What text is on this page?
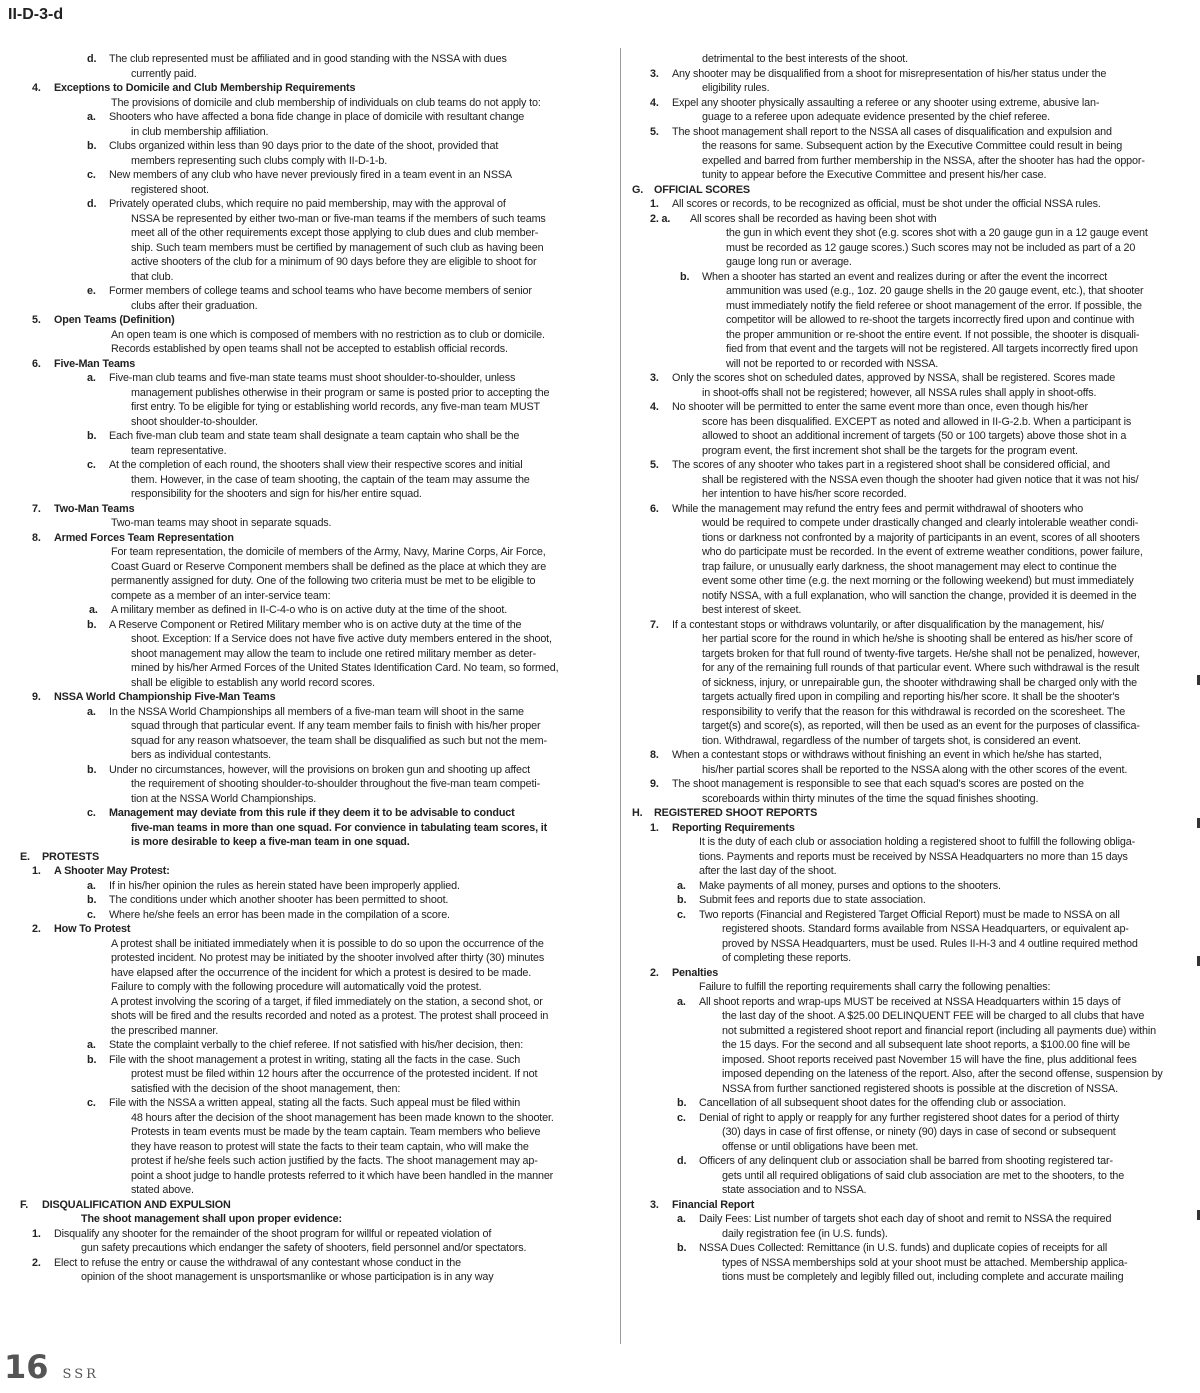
II-D-3-d
d.	The club represented must be affiliated and in good standing with the NSSA with dues
currently paid.
4.	Exceptions to Domicile and Club Membership Requirements
The provisions of domicile and club membership of individuals on club teams do not apply to:
a.	Shooters who have affected a bona fide change in place of domicile with resultant change
in club membership affiliation.
b.	Clubs organized within less than 90 days prior to the date of the shoot, provided that
members representing such clubs comply with II-D-1-b.
c.	New members of any club who have never previously fired in a team event in an NSSA
registered shoot.
d.	Privately operated clubs, which require no paid membership, may with the approval of
NSSA be represented by either two-man or five-man teams if the members of such teams
meet all of the other requirements except those applying to club dues and club member-
ship. Such team members must be certified by management of such club as having been
active shooters of the club for a minimum of 90 days before they are eligible to shoot for
that club.
e.	Former members of college teams and school teams who have become members of senior
clubs after their graduation.
5.	Open Teams (Definition)
An open team is one which is composed of members with no restriction as to club or domicile.
Records established by open teams shall not be accepted to establish official records.
6.	Five-Man Teams
a.	Five-man club teams and five-man state teams must shoot shoulder-to-shoulder, unless
management publishes otherwise in their program or same is posted prior to accepting the
first entry. To be eligible for tying or establishing world records, any five-man team MUST
shoot shoulder-to-shoulder.
b.	Each five-man club team and state team shall designate a team captain who shall be the
team representative.
c.	At the completion of each round, the shooters shall view their respective scores and initial
them. However, in the case of team shooting, the captain of the team may assume the
responsibility for the shooters and sign for his/her entire squad.
7.	Two-Man Teams
Two-man teams may shoot in separate squads.
8.	Armed Forces Team Representation
For team representation, the domicile of members of the Army, Navy, Marine Corps, Air Force,
Coast Guard or Reserve Component members shall be defined as the place at which they are
permanently assigned for duty. One of the following two criteria must be met to be eligible to
compete as a member of an inter-service team:
a.	A military member as defined in II-C-4-o who is on active duty at the time of the shoot.
b.	A Reserve Component or Retired Military member who is on active duty at the time of the
shoot. Exception: If a Service does not have five active duty members entered in the shoot,
shoot management may allow the team to include one retired military member as deter-
mined by his/her Armed Forces of the United States Identification Card. No team, so formed,
shall be eligible to establish any world record scores.
9.	NSSA World Championship Five-Man Teams
a.	In the NSSA World Championships all members of a five-man team will shoot in the same
squad through that particular event. If any team member fails to finish with his/her proper
squad for any reason whatsoever, the team shall be disqualified as such but not the mem-
bers as individual contestants.
b.	Under no circumstances, however, will the provisions on broken gun and shooting up affect
the requirement of shooting shoulder-to-shoulder throughout the five-man team competi-
tion at the NSSA World Championships.
c.	Management may deviate from this rule if they deem it to be advisable to conduct
five-man teams in more than one squad. For convience in tabulating team scores, it
is more desirable to keep a five-man team in one squad.
E.	PROTESTS
1.	A Shooter May Protest:
a.	If in his/her opinion the rules as herein stated have been improperly applied.
b.	The conditions under which another shooter has been permitted to shoot.
c.	Where he/she feels an error has been made in the compilation of a score.
2.	How To Protest
A protest shall be initiated immediately when it is possible to do so upon the occurrence of the
protested incident. No protest may be initiated by the shooter involved after thirty (30) minutes
have elapsed after the occurrence of the incident for which a protest is desired to be made.
Failure to comply with the following procedure will automatically void the protest.
A protest involving the scoring of a target, if filed immediately on the station, a second shot, or
shots will be fired and the results recorded and noted as a protest. The protest shall proceed in
the prescribed manner.
a.	State the complaint verbally to the chief referee. If not satisfied with his/her decision, then:
b.	File with the shoot management a protest in writing, stating all the facts in the case. Such
protest must be filed within 12 hours after the occurrence of the protested incident. If not
satisfied with the decision of the shoot management, then:
c.	File with the NSSA a written appeal, stating all the facts. Such appeal must be filed within
48 hours after the decision of the shoot management has been made known to the shooter.
Protests in team events must be made by the team captain. Team members who believe
they have reason to protest will state the facts to their team captain, who will make the
protest if he/she feels such action justified by the facts. The shoot management may ap-
point a shoot judge to handle protests referred to it which have been handled in the manner
stated above.
F.	DISQUALIFICATION AND EXPULSION
The shoot management shall upon proper evidence:
1.	Disqualify any shooter for the remainder of the shoot program for willful or repeated violation of
gun safety precautions which endanger the safety of shooters, field personnel and/or spectators.
2.	Elect to refuse the entry or cause the withdrawal of any contestant whose conduct in the
opinion of the shoot management is unsportsmanlike or whose participation is in any way
detrimental to the best interests of the shoot.
3.	Any shooter may be disqualified from a shoot for misrepresentation of his/her status under the
eligibility rules.
4.	Expel any shooter physically assaulting a referee or any shooter using extreme, abusive lan-
guage to a referee upon adequate evidence presented by the chief referee.
5.	The shoot management shall report to the NSSA all cases of disqualification and expulsion and
the reasons for same. Subsequent action by the Executive Committee could result in being
expelled and barred from further membership in the NSSA, after the shooter has had the oppor-
tunity to appear before the Executive Committee and present his/her case.
G.	OFFICIAL SCORES
1.	All scores or records, to be recognized as official, must be shot under the official NSSA rules.
2. a.	All scores shall be recorded as having been shot with
the gun in which event they shot (e.g. scores shot with a 20 gauge gun in a 12 gauge event
must be recorded as 12 gauge scores.) Such scores may not be included as part of a 20
gauge long run or average.
b.	When a shooter has started an event and realizes during or after the event the incorrect
ammunition was used (e.g., 1oz. 20 gauge shells in the 20 gauge event, etc.), that shooter
must immediately notify the field referee or shoot management of the error. If possible, the
competitor will be allowed to re-shoot the targets incorrectly fired upon and continue with
the proper ammunition or re-shoot the entire event. If not possible, the shooter is disquali-
fied from that event and the targets will not be registered. All targets incorrectly fired upon
will not be reported to or recorded with NSSA.
3.	Only the scores shot on scheduled dates, approved by NSSA, shall be registered. Scores made
in shoot-offs shall not be registered; however, all NSSA rules shall apply in shoot-offs.
4.	No shooter will be permitted to enter the same event more than once, even though his/her
score has been disqualified. EXCEPT as noted and allowed in II-G-2.b. When a participant is
allowed to shoot an additional increment of targets (50 or 100 targets) above those shot in a
program event, the first increment shot shall be the targets for the program event.
5.	The scores of any shooter who takes part in a registered shoot shall be considered official, and
shall be registered with the NSSA even though the shooter had given notice that it was not his/
her intention to have his/her score recorded.
6.	While the management may refund the entry fees and permit withdrawal of shooters who
would be required to compete under drastically changed and clearly intolerable weather condi-
tions or darkness not confronted by a majority of participants in an event, scores of all shooters
who do participate must be recorded. In the event of extreme weather conditions, power failure,
trap failure, or unusually early darkness, the shoot management may elect to continue the
event some other time (e.g. the next morning or the following weekend) but must immediately
notify NSSA, with a full explanation, who will sanction the change, provided it is deemed in the
best interest of skeet.
7.	If a contestant stops or withdraws voluntarily, or after disqualification by the management, his/
her partial score for the round in which he/she is shooting shall be entered as his/her score of
targets broken for that full round of twenty-five targets. He/she shall not be penalized, however,
for any of the remaining full rounds of that particular event. Where such withdrawal is the result
of sickness, injury, or unrepairable gun, the shooter withdrawing shall be charged only with the
targets actually fired upon in compiling and reporting his/her score. It shall be the shooter's
responsibility to verify that the reason for this withdrawal is recorded on the scoresheet. The
target(s) and score(s), as reported, will then be used as an event for the purposes of classifica-
tion. Withdrawal, regardless of the number of targets shot, is considered an event.
8.	When a contestant stops or withdraws without finishing an event in which he/she has started,
his/her partial scores shall be reported to the NSSA along with the other scores of the event.
9.	The shoot management is responsible to see that each squad's scores are posted on the
scoreboards within thirty minutes of the time the squad finishes shooting.
H.	REGISTERED SHOOT REPORTS
1.	Reporting Requirements
It is the duty of each club or association holding a registered shoot to fulfill the following obliga-
tions. Payments and reports must be received by NSSA Headquarters no more than 15 days
after the last day of the shoot.
a.	Make payments of all money, purses and options to the shooters.
b.	Submit fees and reports due to state association.
c.	Two reports (Financial and Registered Target Official Report) must be made to NSSA on all
registered shoots. Standard forms available from NSSA Headquarters, or equivalent ap-
proved by NSSA Headquarters, must be used. Rules II-H-3 and 4 outline required method
of completing these reports.
2.	Penalties
Failure to fulfill the reporting requirements shall carry the following penalties:
a.	All shoot reports and wrap-ups MUST be received at NSSA Headquarters within 15 days of
the last day of the shoot. A $25.00 DELINQUENT FEE will be charged to all clubs that have
not submitted a registered shoot report and financial report (including all payments due) within
the 15 days. For the second and all subsequent late shoot reports, a $100.00 fine will be
imposed. Shoot reports received past November 15 will have the fine, plus additional fees
imposed depending on the lateness of the report. Also, after the second offense, suspension by
NSSA from further sanctioned registered shoots is possible at the discretion of NSSA.
b.	Cancellation of all subsequent shoot dates for the offending club or association.
c.	Denial of right to apply or reapply for any further registered shoot dates for a period of thirty
(30) days in case of first offense, or ninety (90) days in case of second or subsequent
offense or until obligations have been met.
d.	Officers of any delinquent club or association shall be barred from shooting registered tar-
gets until all required obligations of said club association are met to the shooters, to the
state association and to NSSA.
3.	Financial Report
a.	Daily Fees: List number of targets shot each day of shoot and remit to NSSA the required
daily registration fee (in U.S. funds).
b.	NSSA Dues Collected: Remittance (in U.S. funds) and duplicate copies of receipts for all
types of NSSA memberships sold at your shoot must be attached. Membership applica-
tions must be completely and legibly filled out, including complete and accurate mailing
16 SSR
